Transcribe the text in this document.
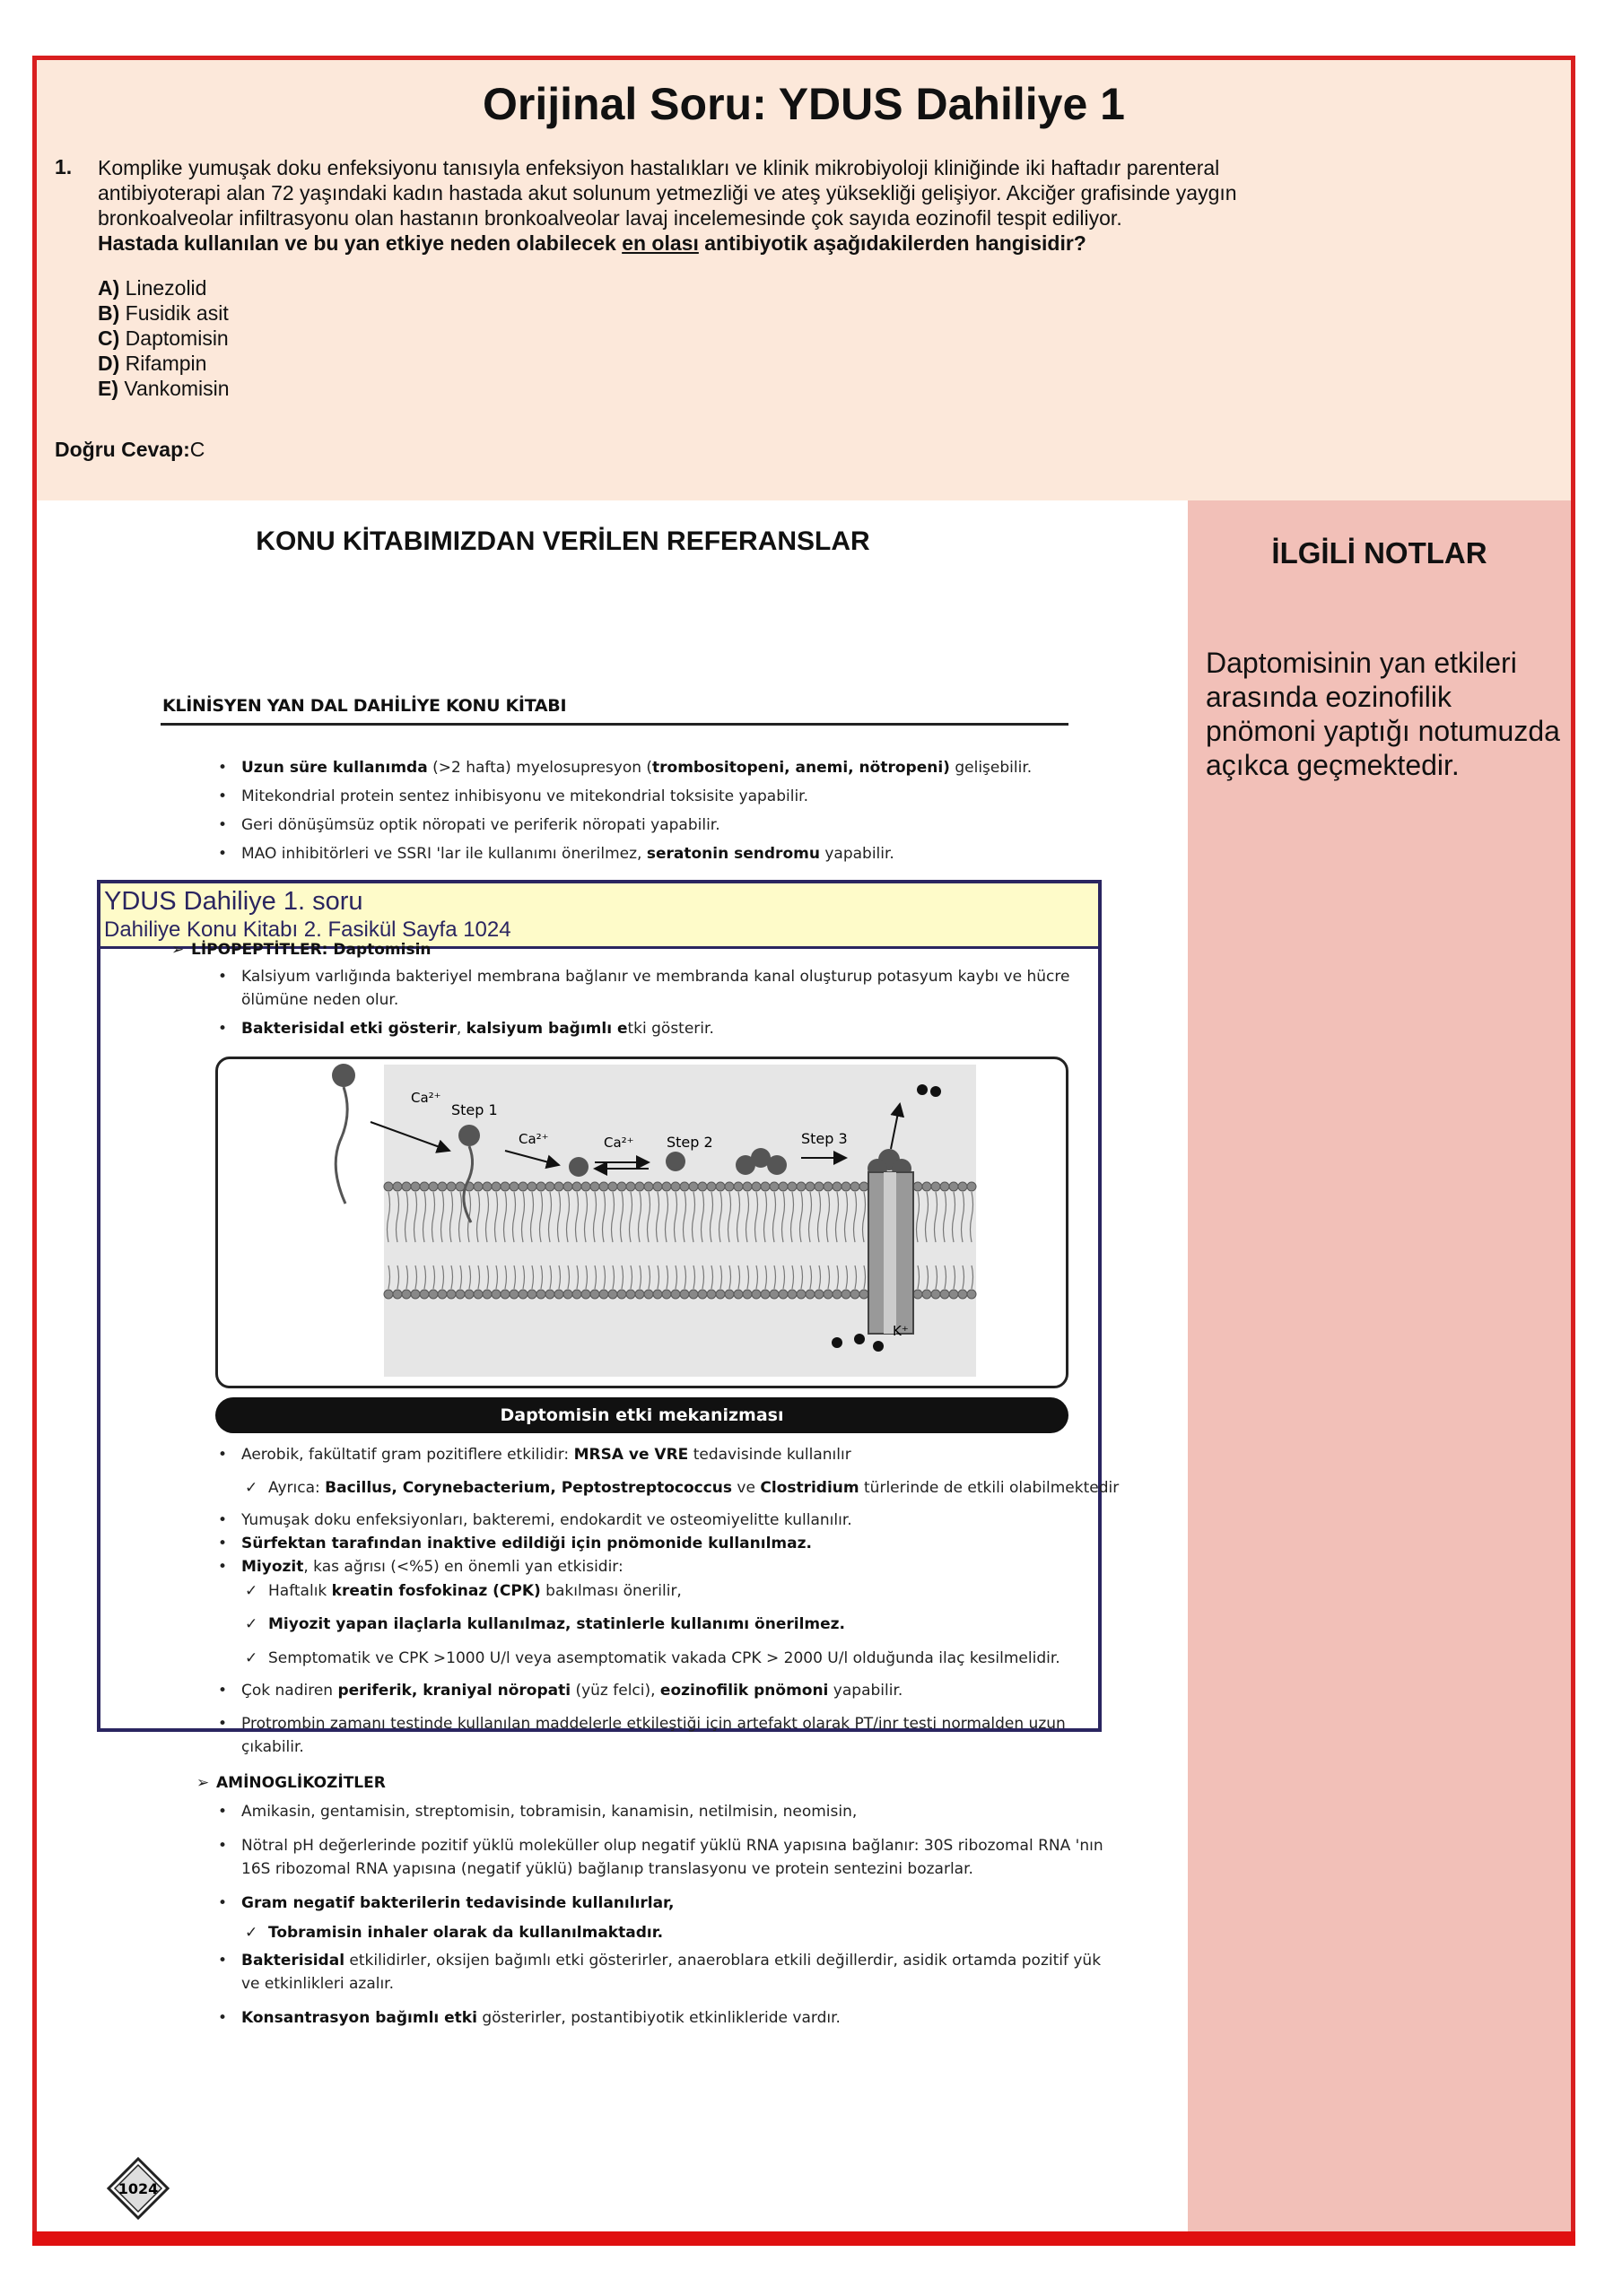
Orijinal Soru: YDUS Dahiliye 1
1. Komplike yumuşak doku enfeksiyonu tanısıyla enfeksiyon hastalıkları ve klinik mikrobiyoloji kliniğinde iki haftadır parenteral
antibiyoterapi alan 72 yaşındaki kadın hastada akut solunum yetmezliği ve ateş yüksekliği gelişiyor. Akciğer grafisinde yaygın
bronkoalveolar infiltrasyonu olan hastanın bronkoalveolar lavaj incelemesinde çok sayıda eozinofil tespit ediliyor.
Hastada kullanılan ve bu yan etkiye neden olabilecek en olası antibiyotik aşağıdakilerden hangisidir?
A) Linezolid
B) Fusidik asit
C) Daptomisin
D) Rifampin
E) Vankomisin
Doğru Cevap:C
KONU KİTABIMIZDAN VERİLEN REFERANSLAR
KLİNİSYEN YAN DAL DAHİLİYE KONU KİTABI
• Uzun süre kullanımda (>2 hafta) myelosupresyon (trombositopeni, anemi, nötropeni) gelişebilir.
• Mitekondrial protein sentez inhibisyonu ve mitekondrial toksisite yapabilir.
• Geri dönüşümsüz optik nöropati ve periferik nöropati yapabilir.
• MAO inhibitörleri ve SSRI 'lar ile kullanımı önerilmez, seratonin sendromu yapabilir.
YDUS Dahiliye 1. soru
Dahiliye Konu Kitabı 2. Fasikül Sayfa 1024
➢ LİPOPEPTİTLER: Daptomisin
• Kalsiyum varlığında bakteriyel membrana bağlanır ve membranda kanal oluşturup potasyum kaybı ve hücre
ölümüne neden olur.
• Bakterisidal etki gösterir, kalsiyum bağımlı etki gösterir.
Ca²⁺
Step 1
Ca²⁺	Ca²⁺ Step 2	Step 3
K⁺
Daptomisin etki mekanizması
• Aerobik, fakültatif gram pozitiflere etkilidir: MRSA ve VRE tedavisinde kullanılır
✓ Ayrıca: Bacillus, Corynebacterium, Peptostreptococcus ve Clostridium türlerinde de etkili olabilmektedir
• Yumuşak doku enfeksiyonları, bakteremi, endokardit ve osteomiyelitte kullanılır.
• Sürfektan tarafından inaktive edildiği için pnömonide kullanılmaz.
• Miyozit, kas ağrısı (<%5) en önemli yan etkisidir:
✓ Haftalık kreatin fosfokinaz (CPK) bakılması önerilir,
✓ Miyozit yapan ilaçlarla kullanılmaz, statinlerle kullanımı önerilmez.
✓ Semptomatik ve CPK >1000 U/l veya asemptomatik vakada CPK > 2000 U/l olduğunda ilaç kesilmelidir.
• Çok nadiren periferik, kraniyal nöropati (yüz felci), eozinofilik pnömoni yapabilir.
• Protrombin zamanı testinde kullanılan maddelerle etkileştiği için artefakt olarak PT/inr testi normalden uzun
çıkabilir.
➢ AMİNOGLİKOZİTLER
• Amikasin, gentamisin, streptomisin, tobramisin, kanamisin, netilmisin, neomisin,
• Nötral pH değerlerinde pozitif yüklü moleküller olup negatif yüklü RNA yapısına bağlanır: 30S ribozomal RNA 'nın
16S ribozomal RNA yapısına (negatif yüklü) bağlanıp translasyonu ve protein sentezini bozarlar.
• Gram negatif bakterilerin tedavisinde kullanılırlar,
✓ Tobramisin inhaler olarak da kullanılmaktadır.
• Bakterisidal etkilidirler, oksijen bağımlı etki gösterirler, anaeroblara etkili değillerdir, asidik ortamda pozitif yük
ve etkinlikleri azalır.
• Konsantrasyon bağımlı etki gösterirler, postantibiyotik etkinlikleride vardır.
1024
İLGİLİ NOTLAR
Daptomisinin yan etkileri arasında eozinofilik pnömoni yaptığı notumuzda açıkca geçmektedir.
